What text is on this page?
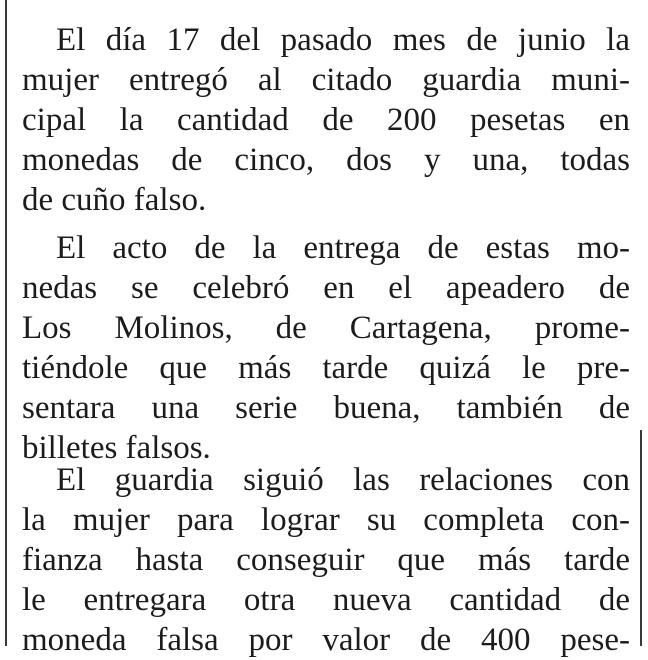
El día 17 del pasado mes de junio la
mujer entregó al citado guardia muni-
cipal la cantidad de 200 pesetas en
monedas de cinco, dos y una, todas
de cuño falso.
El acto de la entrega de estas mo-
nedas se celebró en el apeadero de
Los Molinos, de Cartagena, prome-
tiéndole que más tarde quizá le pre-
sentara una serie buena, también de
billetes falsos.
El guardia siguió las relaciones con
la mujer para lograr su completa con-
fianza hasta conseguir que más tarde
le entregara otra nueva cantidad de
moneda falsa por valor de 400 pese-
